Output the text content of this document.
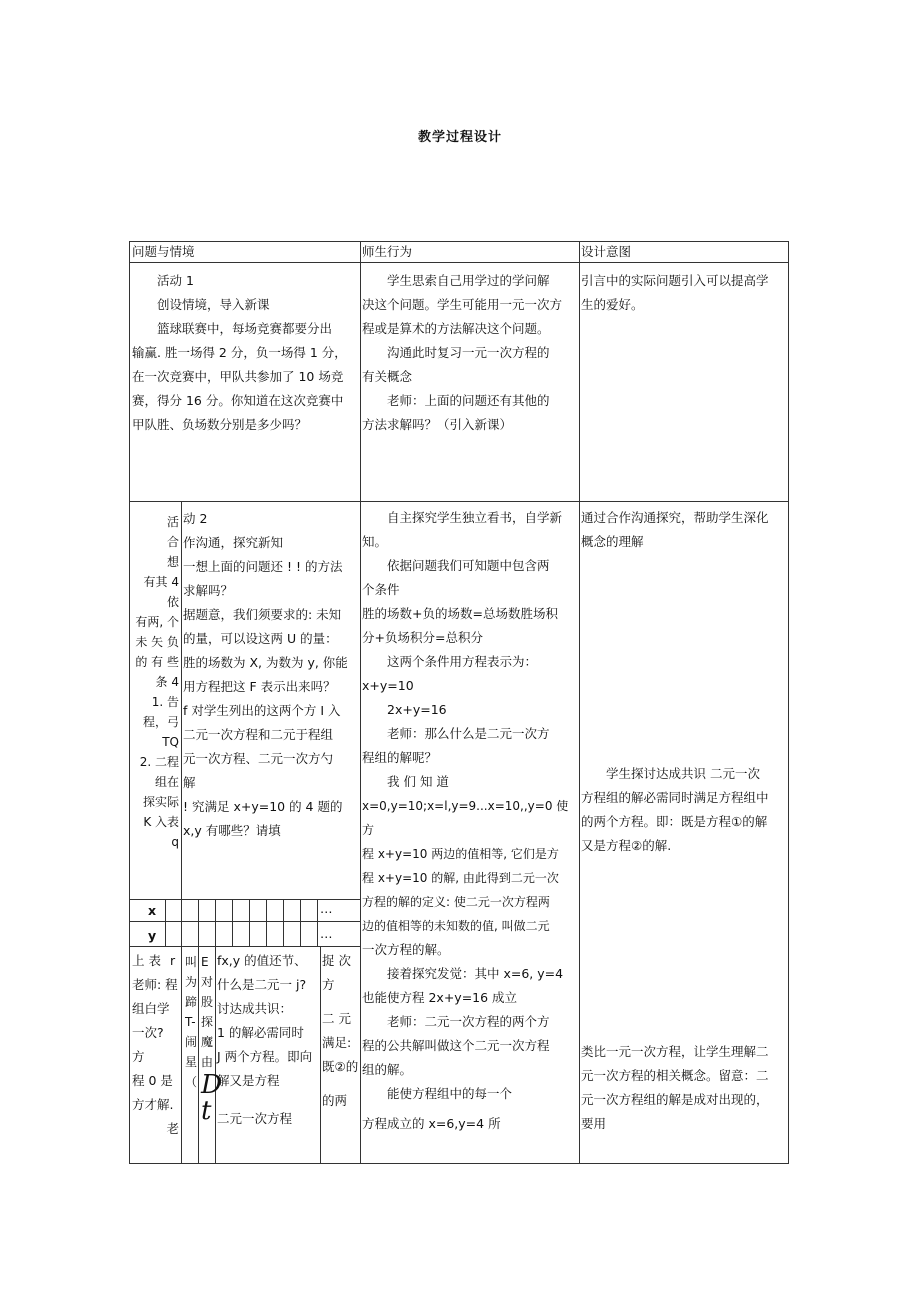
教学过程设计
问题与情境	师生行为	设计意图
活动 1
创设情境，导入新课
篮球联赛中，每场竞赛都要分出
输赢. 胜一场得 2 分，负一场得 1 分，
在一次竞赛中，甲队共参加了 10 场竞
赛，得分 16 分。你知道在这次竞赛中
甲队胜、负场数分别是多少吗？
学生思索自己用学过的学问解
决这个问题。学生可能用一元一次方
程或是算术的方法解决这个问题。
沟通此时复习一元一次方程的
有关概念
老师：上面的问题还有其他的
方法求解吗？（引入新课）
引言中的实际问题引入可以提高学
生的爱好。
活
合
想
有其 4
依
有两, 个
未 矢 负
的 有 些
条 4
1. 告
程，弓
TQ
2. 二程
组在
探实际
K 入表
q
动 2
作沟通，探究新知
一想上面的问题还 ! ! 的方法
求解吗？
据题意，我们须要求的: 未知
的量，可以设这两 U 的量：
胜的场数为 X, 为数为 y, 你能
用方程把这 F 表示出来吗？
f 对学生列出的这两个方 I 入
二元一次方程和二元于程组
元一次方程、二元一次方勺
解
! 究满足 x+y=10 的 4 题的
x,y 有哪些？请填
x
y
…
…
上 表
老师: 程
组白学
一次? 方
程 0 是
方才解.
老
r 叫
为
蹄
T-
闹
星
（
E
对
股
探
魔
由
D
t
fx,y 的值还节、
什么是二元一 j?
讨达成共识：
1 的解必需同时
J 两个方程。即向
解又是方程
二元一次方程
捉 次
方
二 元
满足:
既②的
的两
自主探究学生独立看书，自学新
知。
依据问题我们可知题中包含两
个条件
胜的场数+负的场数=总场数胜场积
分+负场积分=总积分
这两个条件用方程表示为：
x+y=10
2x+y=16
老师：那么什么是二元一次方
程组的解呢？
我 们 知 道
x=0,y=10;x=l,y=9...x=10,,y=0 使方
程 x+y=10 两边的值相等, 它们是方
程 x+y=10 的解, 由此得到二元一次
方程的解的定义: 使二元一次方程两
边的值相等的未知数的值, 叫做二元
一次方程的解。
接着探究发觉：其中 x=6, y=4
也能使方程 2x+y=16 成立
老师：二元一次方程的两个方
程的公共解叫做这个二元一次方程
组的解。
能使方程组中的每一个
方程成立的 x=6,y=4 所
通过合作沟通探究，帮助学生深化
概念的理解
学生探讨达成共识 二元一次
方程组的解必需同时满足方程组中
的两个方程。即：既是方程①的解
又是方程②的解.
类比一元一次方程，让学生理解二
元一次方程的相关概念。留意：二
元一次方程组的解是成对出现的，
要用
